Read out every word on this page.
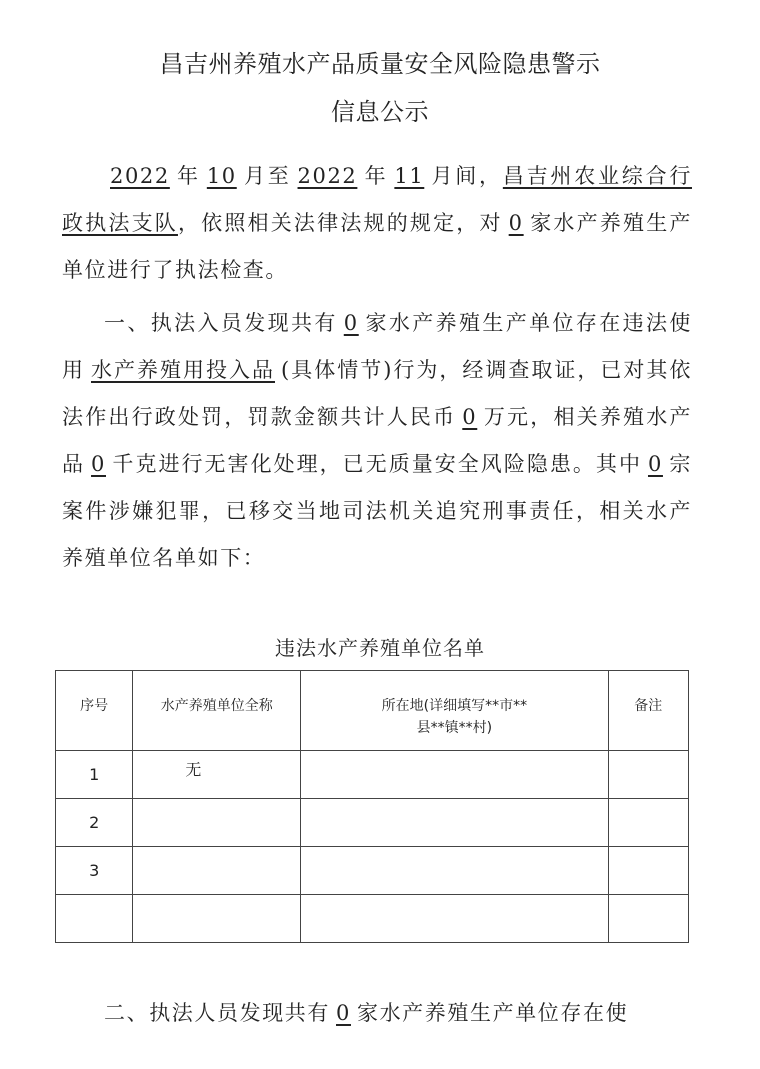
昌吉州养殖水产品质量安全风险隐患警示
信息公示
2022 年 10 月至 2022 年 11 月间，昌吉州农业综合行政执法支队，依照相关法律法规的规定，对 0 家水产养殖生产单位进行了执法检查。
一、执法入员发现共有 0 家水产养殖生产单位存在违法使用 水产养殖用投入品 (具体情节)行为，经调查取证，已对其依法作出行政处罚，罚款金额共计人民币 0 万元，相关养殖水产品 0 千克进行无害化处理，已无质量安全风险隐患。其中 0 宗案件涉嫌犯罪，已移交当地司法机关追究刑事责任，相关水产养殖单位名单如下：
违法水产养殖单位名单
序号	水产养殖单位全称	所在地(详细填写**市**县**镇**村)	备注
1	无		
2			
3			

二、执法人员发现共有 0 家水产养殖生产单位存在使
